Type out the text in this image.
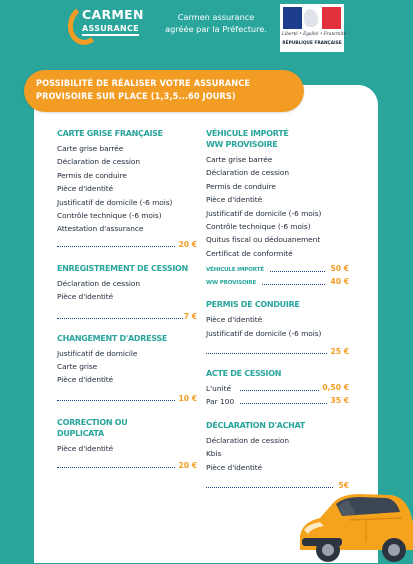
CARMEN
ASSURANCE
Carmen assurance
agréée par la Préfecture.
Liberté • Égalité • Fraternité
RÉPUBLIQUE FRANÇAISE
POSSIBILITÉ DE RÉALISER VOTRE ASSURANCE
PROVISOIRE SUR PLACE (1,3,5...60 JOURS)
CARTE GRISE FRANÇAISE
Carte grise barrée
Déclaration de cession
Permis de conduire
Pièce d'identité
Justificatif de domicile (-6 mois)
Contrôle technique (-6 mois)
Attestation d'assurance
20 €
ENREGISTREMENT DE CESSION
Déclaration de cession
Pièce d'identité
7 €
CHANGEMENT D'ADRESSE
Justificatif de domicile
Carte grise
Pièce d'identité
10 €
CORRECTION OU
DUPLICATA
Pièce d'identité
20 €
VÉHICULE IMPORTÉ
WW PROVISOIRE
Carte grise barrée
Déclaration de cession
Permis de conduire
Pièce d'identité
Justificatif de domicile (-6 mois)
Contrôle technique (-6 mois)
Quitus fiscal ou dédouanement
Certificat de conformité
VÉHICULE IMPORTÉ	50 €
WW PROVISOIRE	40 €
PERMIS DE CONDUIRE
Pièce d'identité
Justificatif de domicile (-6 mois)
25 €
ACTE DE CESSION
L'unité	0,50 €
Par 100	35 €
DÉCLARATION D'ACHAT
Déclaration de cession
Kbis
Pièce d'identité
5€
